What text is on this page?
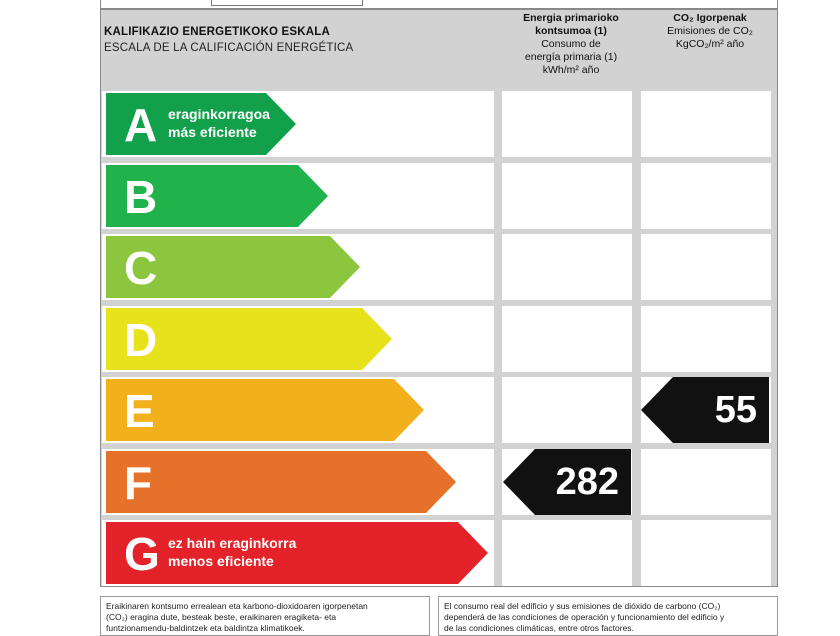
KALIFIKAZIO ENERGETIKOKO ESKALA
ESCALA DE LA CALIFICACIÓN ENERGÉTICA
Energia primarioko
kontsumoa (1)
Consumo de
energía primaria (1)
kWh/m² año
CO₂ Igorpenak
Emisiones de CO₂
KgCO₂/m² año
A eraginkorragoa
más eficiente
B
C
D
E
F
G ez hain eraginkorra
menos eficiente
282
55
Eraikinaren kontsumo errealean eta karbono-dioxidoaren igorpenetan
(CO₂) eragina dute, besteak beste, eraikinaren eragiketa- eta
funtzionamendu-baldintzek eta baldintza klimatikoek.
El consumo real del edificio y sus emisiones de dióxido de carbono (CO₂)
dependerá de las condiciones de operación y funcionamiento del edificio y
de las condiciones climáticas, entre otros factores.
